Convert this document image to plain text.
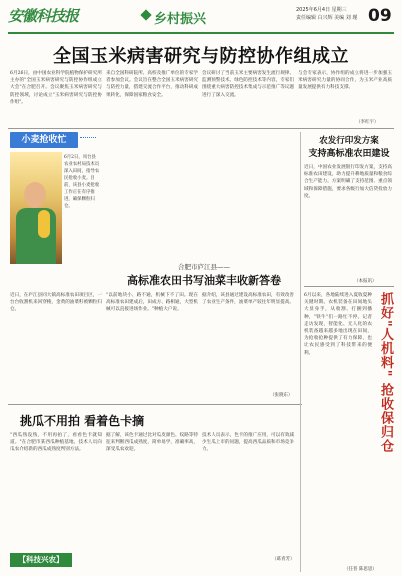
安徽科技报	乡村振兴
2025年6月4日 星期三
责任编辑 白兴辉 美编 刘 瑾 09
全国玉米病害研究与防控协作组成立

6月26日，由中国农业科学院植物保护研究所主办的"全国玉米病害研究与防控协作组成立大会"在合肥召开。会议聚焦玉米病害研究与防控领域，讨论成立"玉米病害研究与防控协作组"。

来自全国科研院所、高校及推广单位的专家学者参加会议。会议旨在整合全国玉米病害研究与防控力量，搭建交流合作平台，推动科研成果转化，保障国家粮食安全。

会议研讨了当前玉米主要病害发生流行规律、监测预警技术、绿色防控技术等内容，专家们围绕重大病害防控技术集成与示范推广等议题进行了深入交流。

与会专家表示，协作组的成立将进一步加强玉米病害研究力量的协同合作，为玉米产业高质量发展提供有力科技支撑。

（李红宇）
小麦抢收忙

6月2日，凤台县农业农村局技术员深入田间，指导农民抢收小麦。目前，该县小麦抢收工作正在有序推进，确保颗粒归仓。

合肥市庐江县——
高标准农田书写油菜丰收新答卷

近日，在庐江县同大镇高标准农田项目区，一台台收割机来回穿梭，金黄的油菜籽被颗粒归仓。

"以前地块小、路不通，机械下不了田。现在高标准农田建成后，田成方、路相通，大型机械可以直接进场作业。"种植大户说。

据介绍，该县通过建设高标准农田，有效改善了农业生产条件，油菜单产较往年明显提高。

（张晓东）
挑瓜不用拍 看着色卡摘

"西瓜熟没熟，不用再拍了，看看色卡就知道。"在合肥市某西瓜种植基地，技术人员向瓜农介绍新的西瓜成熟度判别方法。

据了解，该色卡通过比对瓜皮颜色、纹路等特征来判断西瓜成熟度，简单易学，准确率高，深受瓜农欢迎。

技术人员表示，色卡的推广应用，可以有效减少生瓜上市的问题，提高西瓜品质和市场竞争力。

【科技兴农】	（葛青芳）
农发行印发方案
支持高标准农田建设

近日，中国农业发展银行印发方案，支持高标准农田建设，助力提升耕地质量和粮食综合生产能力。方案明确了支持范围、重点领域和保障措施，要求各级行加大信贷投放力度。

（本报讯）

6月以来，各地陆续进入夏收夏种关键时期。农机装备在田间地头大显身手，从收割、打捆到播种，"铁牛"们一路忙不停。记者走访发现，智能化、无人化的农机装备越来越多地出现在田间，为抢收抢种提供了有力保障，也让农民感受到了科技带来的便利。	抓好"人机料" 抢收保归仓
（任普 陈思思）
